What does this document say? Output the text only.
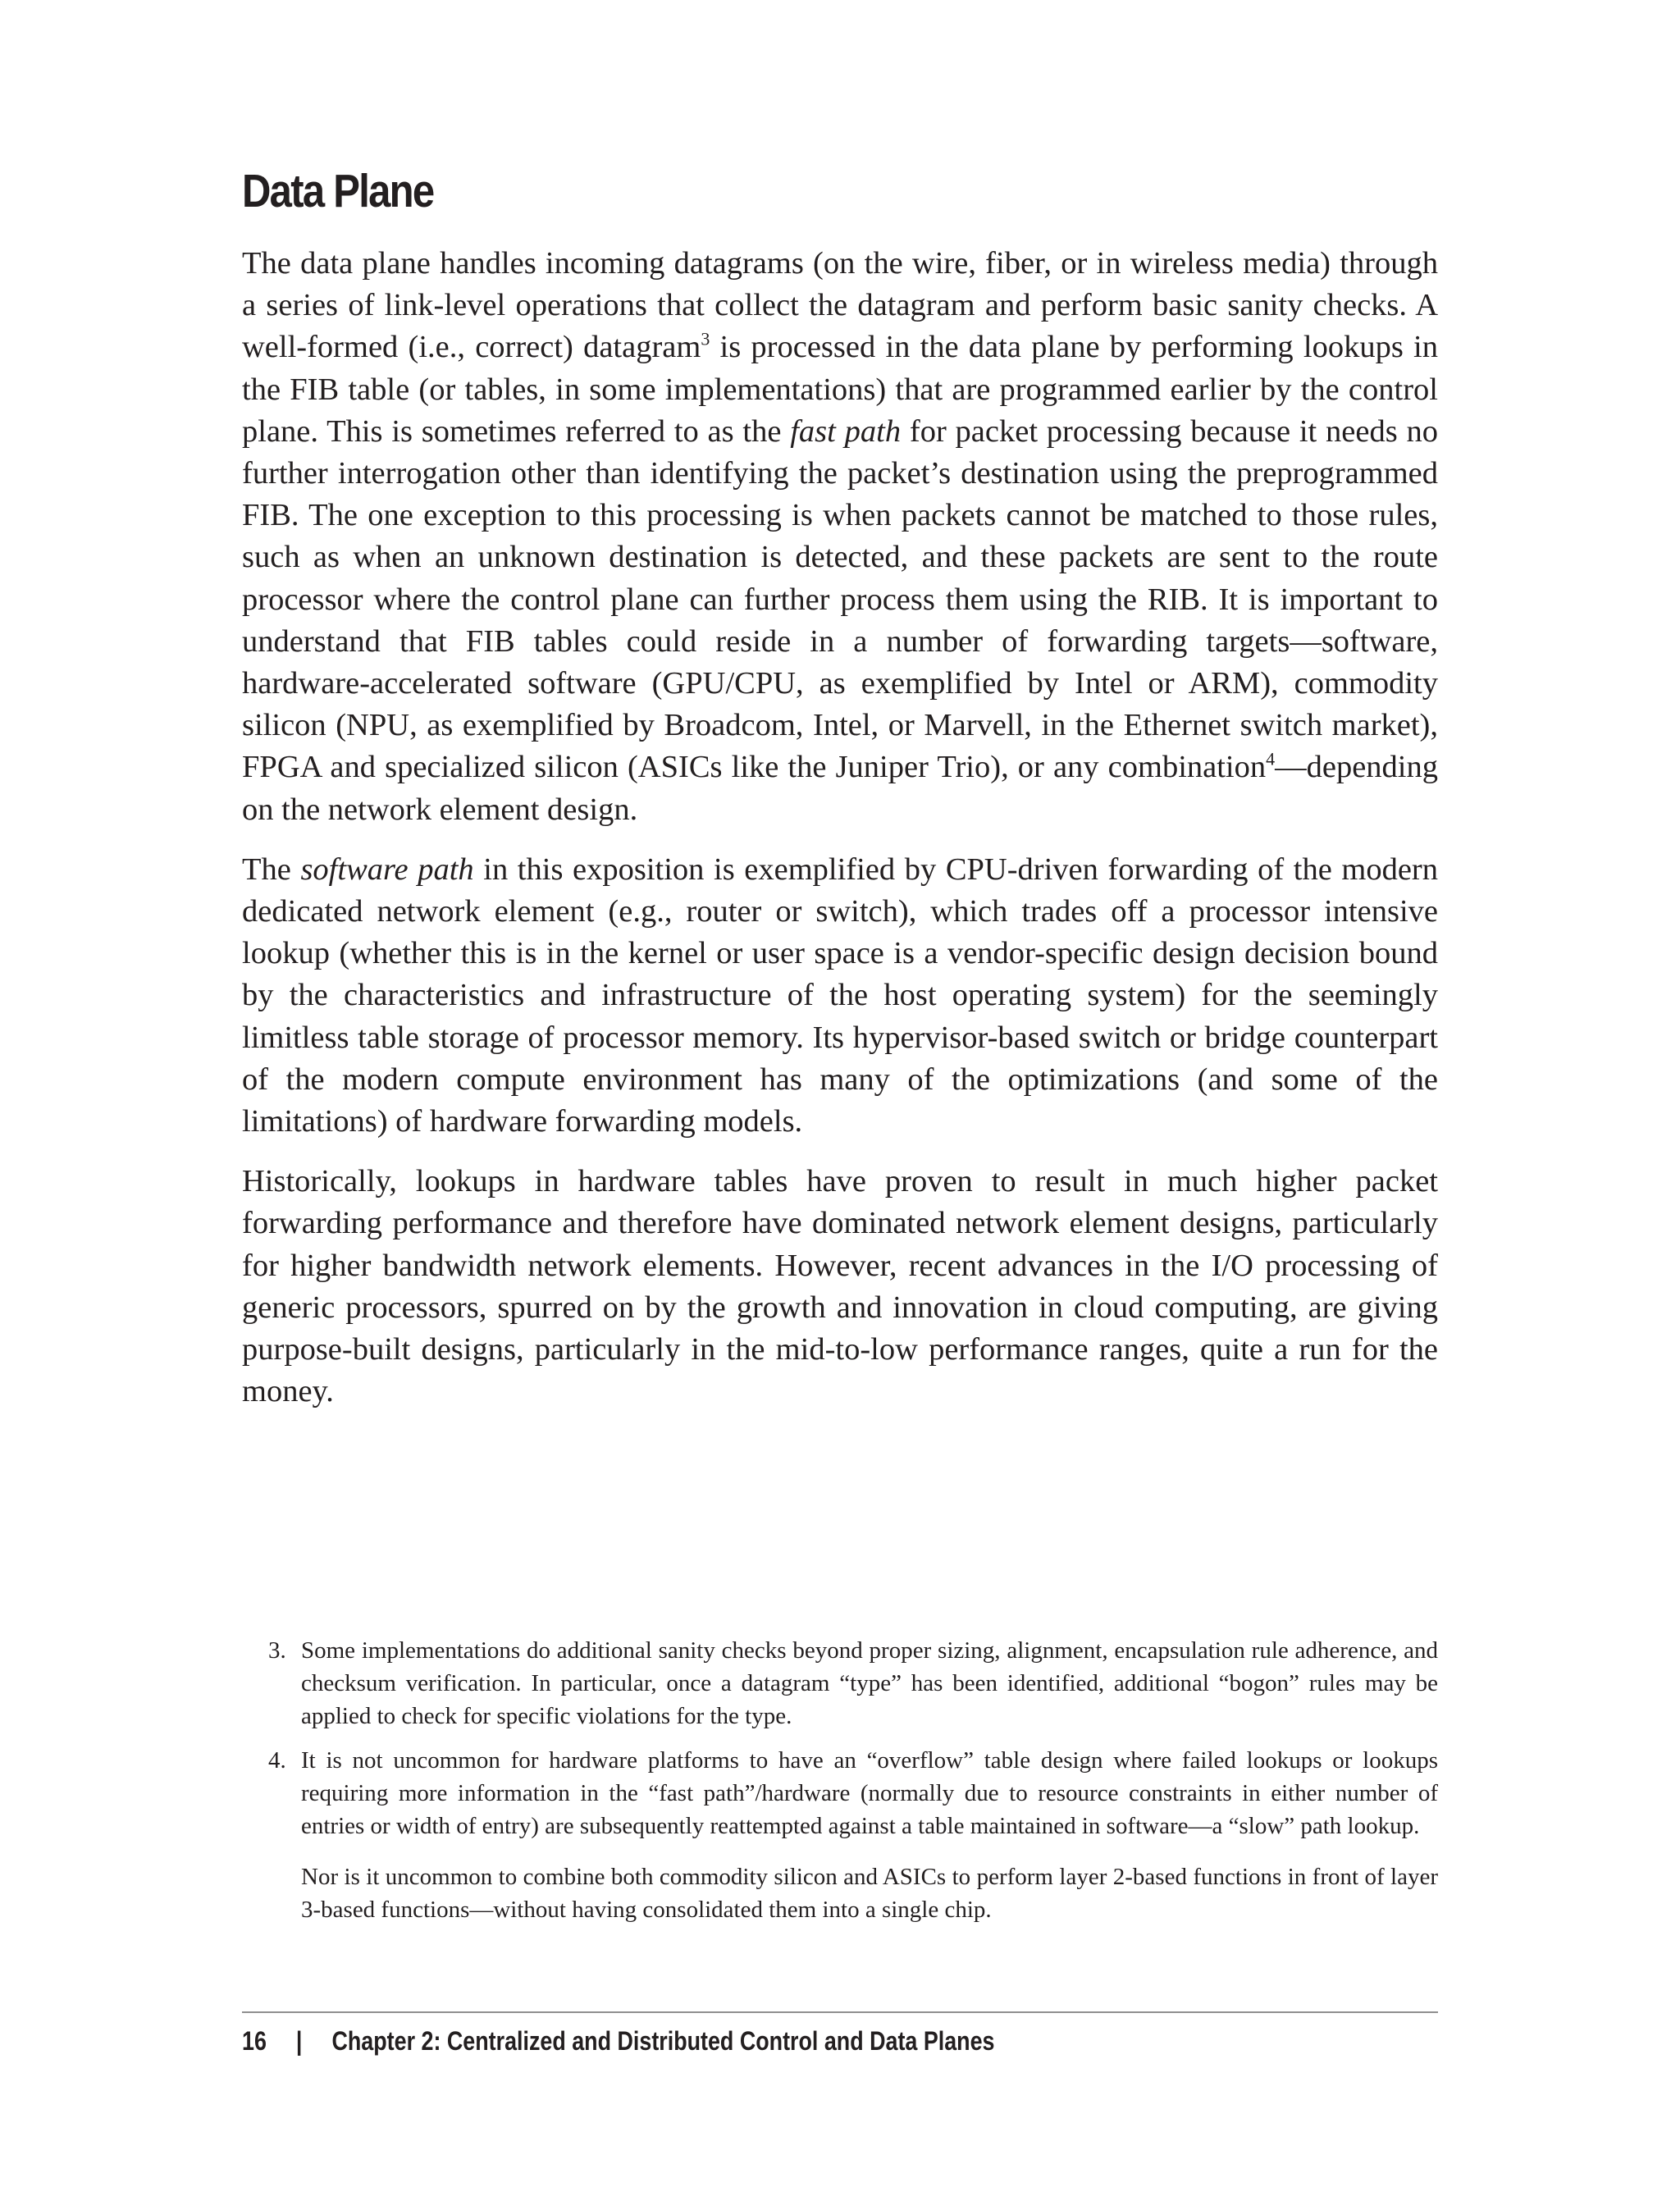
Data Plane

The data plane handles incoming datagrams (on the wire, fiber, or in wireless media) through a series of link-level operations that collect the datagram and perform basic sanity checks. A well-formed (i.e., correct) datagram$^3$ is processed in the data plane by performing lookups in the FIB table (or tables, in some implementations) that are programmed earlier by the control plane. This is sometimes referred to as the fast path for packet processing because it needs no further interrogation other than identifying the packet’s destination using the preprogrammed FIB. The one exception to this processing is when packets cannot be matched to those rules, such as when an unknown destination is detected, and these packets are sent to the route processor where the control plane can further process them using the RIB. It is important to understand that FIB tables could reside in a number of forwarding targets—software, hardware-accelerated software (GPU/CPU, as exemplified by Intel or ARM), commodity silicon (NPU, as exemplified by Broadcom, Intel, or Marvell, in the Ethernet switch market), FPGA and specialized silicon (ASICs like the Juniper Trio), or any combination$^4$—depending on the network element design.

The software path in this exposition is exemplified by CPU-driven forwarding of the modern dedicated network element (e.g., router or switch), which trades off a processor intensive lookup (whether this is in the kernel or user space is a vendor-specific design decision bound by the characteristics and infrastructure of the host operating system) for the seemingly limitless table storage of processor memory. Its hypervisor-based switch or bridge counterpart of the modern compute environment has many of the optimizations (and some of the limitations) of hardware forwarding models.

Historically, lookups in hardware tables have proven to result in much higher packet forwarding performance and therefore have dominated network element designs, particularly for higher bandwidth network elements. However, recent advances in the I/O processing of generic processors, spurred on by the growth and innovation in cloud computing, are giving purpose-built designs, particularly in the mid-to-low performance ranges, quite a run for the money.

3. Some implementations do additional sanity checks beyond proper sizing, alignment, encapsulation rule adherence, and checksum verification. In particular, once a datagram “type” has been identified, additional “bogon” rules may be applied to check for specific violations for the type.
4. It is not uncommon for hardware platforms to have an “overflow” table design where failed lookups or lookups requiring more information in the “fast path”/hardware (normally due to resource constraints in either number of entries or width of entry) are subsequently reattempted against a table maintained in software—a “slow” path lookup.
Nor is it uncommon to combine both commodity silicon and ASICs to perform layer 2-based functions in front of layer 3-based functions—without having consolidated them into a single chip.
16 | Chapter 2: Centralized and Distributed Control and Data Planes
